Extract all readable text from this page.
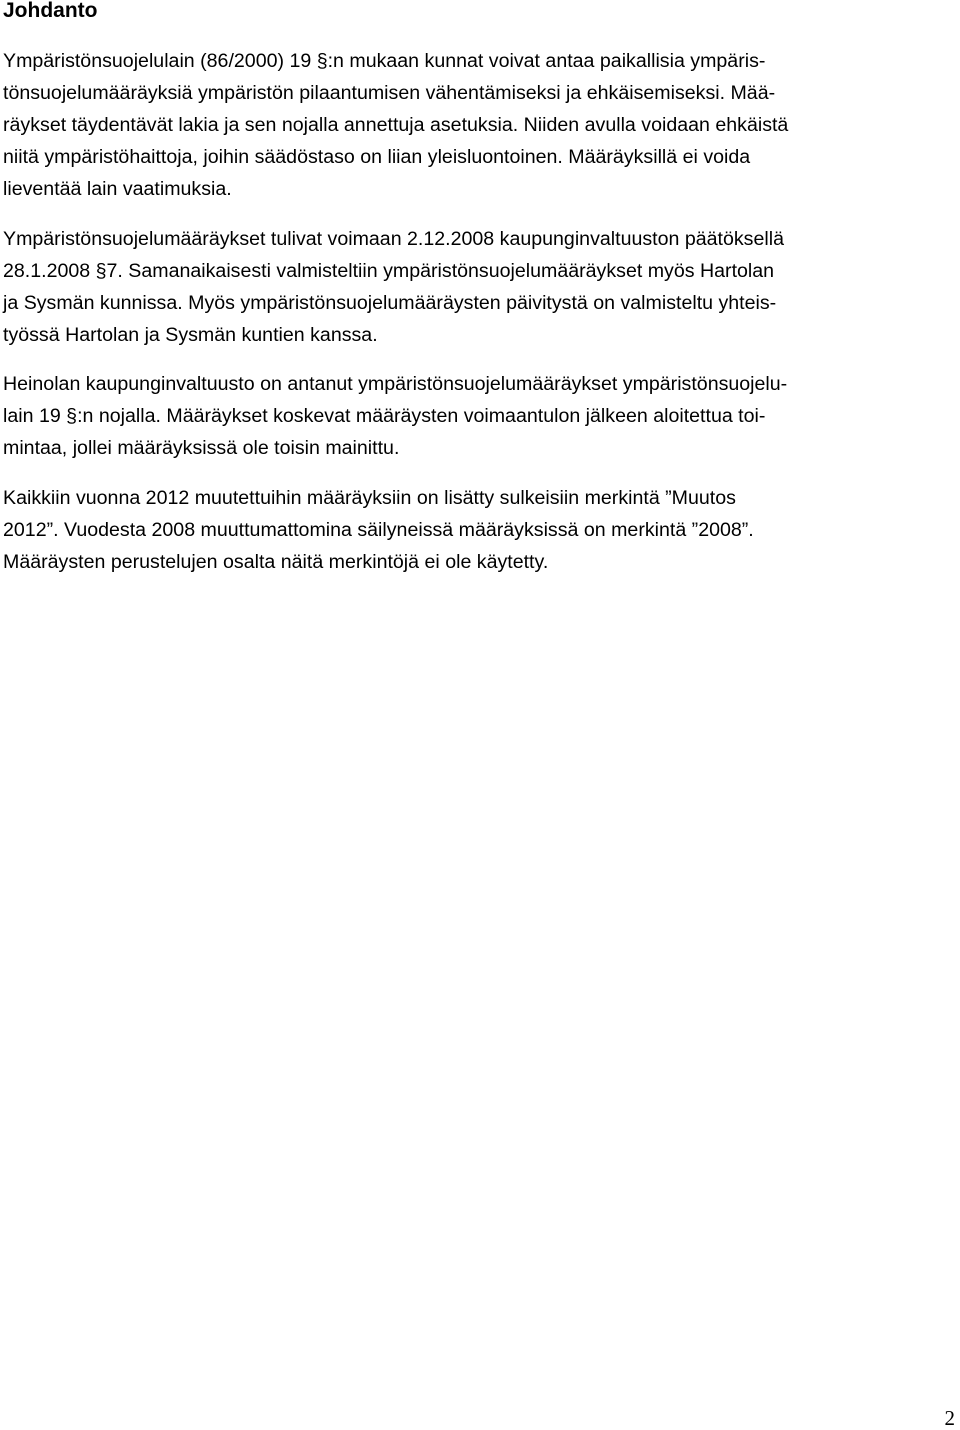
Johdanto

Ympäristönsuojelulain (86/2000) 19 §:n mukaan kunnat voivat antaa paikallisia ympäris-
tönsuojelumääräyksiä ympäristön pilaantumisen vähentämiseksi ja ehkäisemiseksi. Mää-
räykset täydentävät lakia ja sen nojalla annettuja asetuksia. Niiden avulla voidaan ehkäistä
niitä ympäristöhaittoja, joihin säädöstaso on liian yleisluontoinen. Määräyksillä ei voida
lieventää lain vaatimuksia.

Ympäristönsuojelumääräykset tulivat voimaan 2.12.2008 kaupunginvaltuuston päätöksellä
28.1.2008 §7. Samanaikaisesti valmisteltiin ympäristönsuojelumääräykset myös Hartolan
ja Sysmän kunnissa. Myös ympäristönsuojelumääräysten päivitystä on valmisteltu yhteis-
työssä Hartolan ja Sysmän kuntien kanssa.

Heinolan kaupunginvaltuusto on antanut ympäristönsuojelumääräykset ympäristönsuojelu-
lain 19 §:n nojalla. Määräykset koskevat määräysten voimaantulon jälkeen aloitettua toi-
mintaa, jollei määräyksissä ole toisin mainittu.

Kaikkiin vuonna 2012 muutettuihin määräyksiin on lisätty sulkeisiin merkintä ”Muutos
2012”. Vuodesta 2008 muuttumattomina säilyneissä määräyksissä on merkintä ”2008”.
Määräysten perustelujen osalta näitä merkintöjä ei ole käytetty.

2
